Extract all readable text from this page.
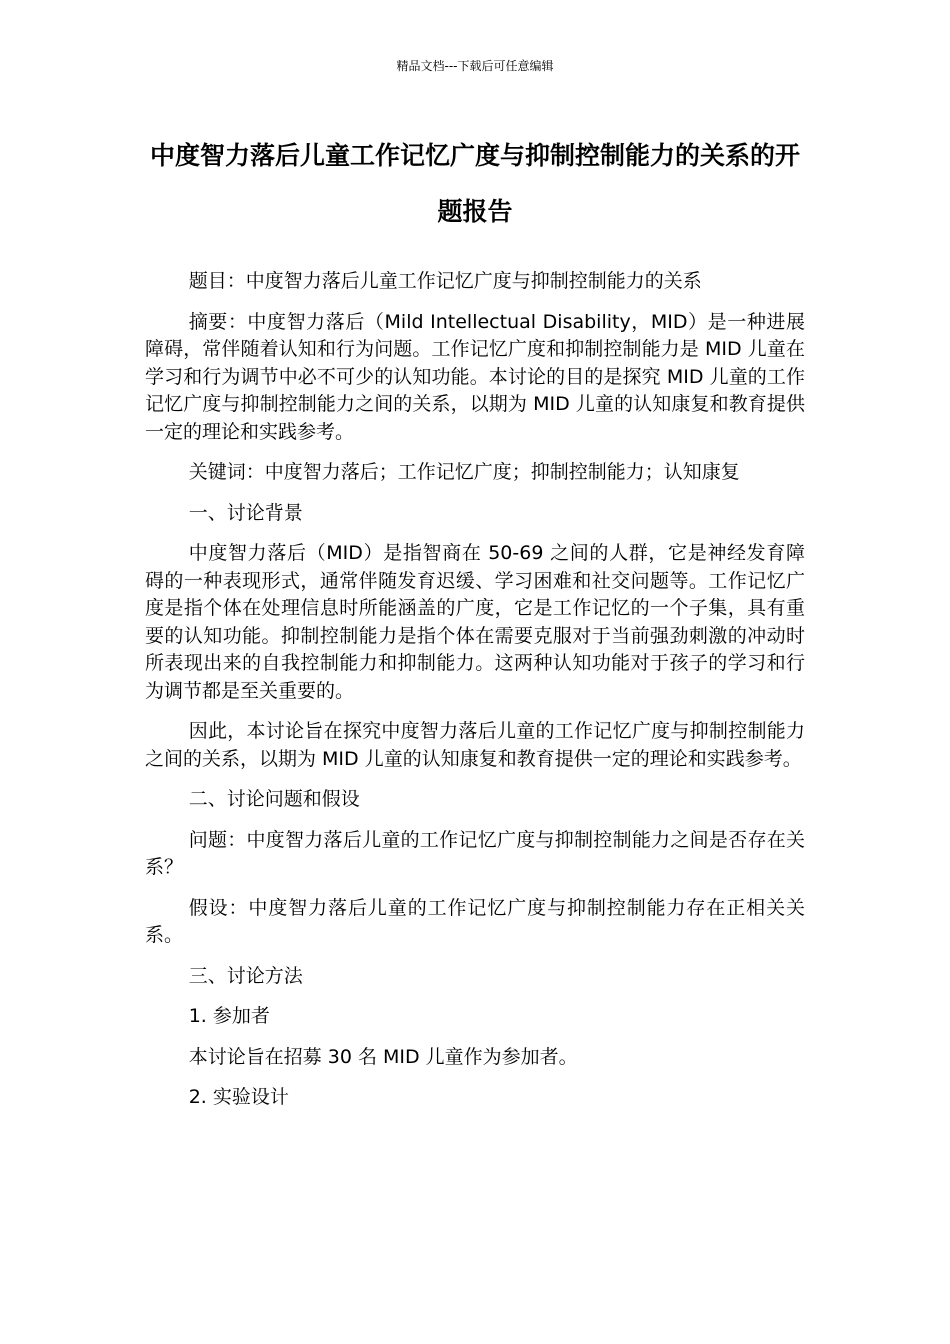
精品文档---下载后可任意编辑
中度智力落后儿童工作记忆广度与抑制控制能力的关系的开题报告

题目：中度智力落后儿童工作记忆广度与抑制控制能力的关系

摘要：中度智力落后（Mild Intellectual Disability，MID）是一种进展障碍，常伴随着认知和行为问题。工作记忆广度和抑制控制能力是 MID 儿童在学习和行为调节中必不可少的认知功能。本讨论的目的是探究 MID 儿童的工作记忆广度与抑制控制能力之间的关系，以期为 MID 儿童的认知康复和教育提供一定的理论和实践参考。

关键词：中度智力落后；工作记忆广度；抑制控制能力；认知康复

一、讨论背景

中度智力落后（MID）是指智商在 50-69 之间的人群，它是神经发育障碍的一种表现形式，通常伴随发育迟缓、学习困难和社交问题等。工作记忆广度是指个体在处理信息时所能涵盖的广度，它是工作记忆的一个子集，具有重要的认知功能。抑制控制能力是指个体在需要克服对于当前强劲刺激的冲动时所表现出来的自我控制能力和抑制能力。这两种认知功能对于孩子的学习和行为调节都是至关重要的。

因此，本讨论旨在探究中度智力落后儿童的工作记忆广度与抑制控制能力之间的关系，以期为 MID 儿童的认知康复和教育提供一定的理论和实践参考。

二、讨论问题和假设

问题：中度智力落后儿童的工作记忆广度与抑制控制能力之间是否存在关系？

假设：中度智力落后儿童的工作记忆广度与抑制控制能力存在正相关关系。

三、讨论方法

1. 参加者

本讨论旨在招募 30 名 MID 儿童作为参加者。

2. 实验设计
